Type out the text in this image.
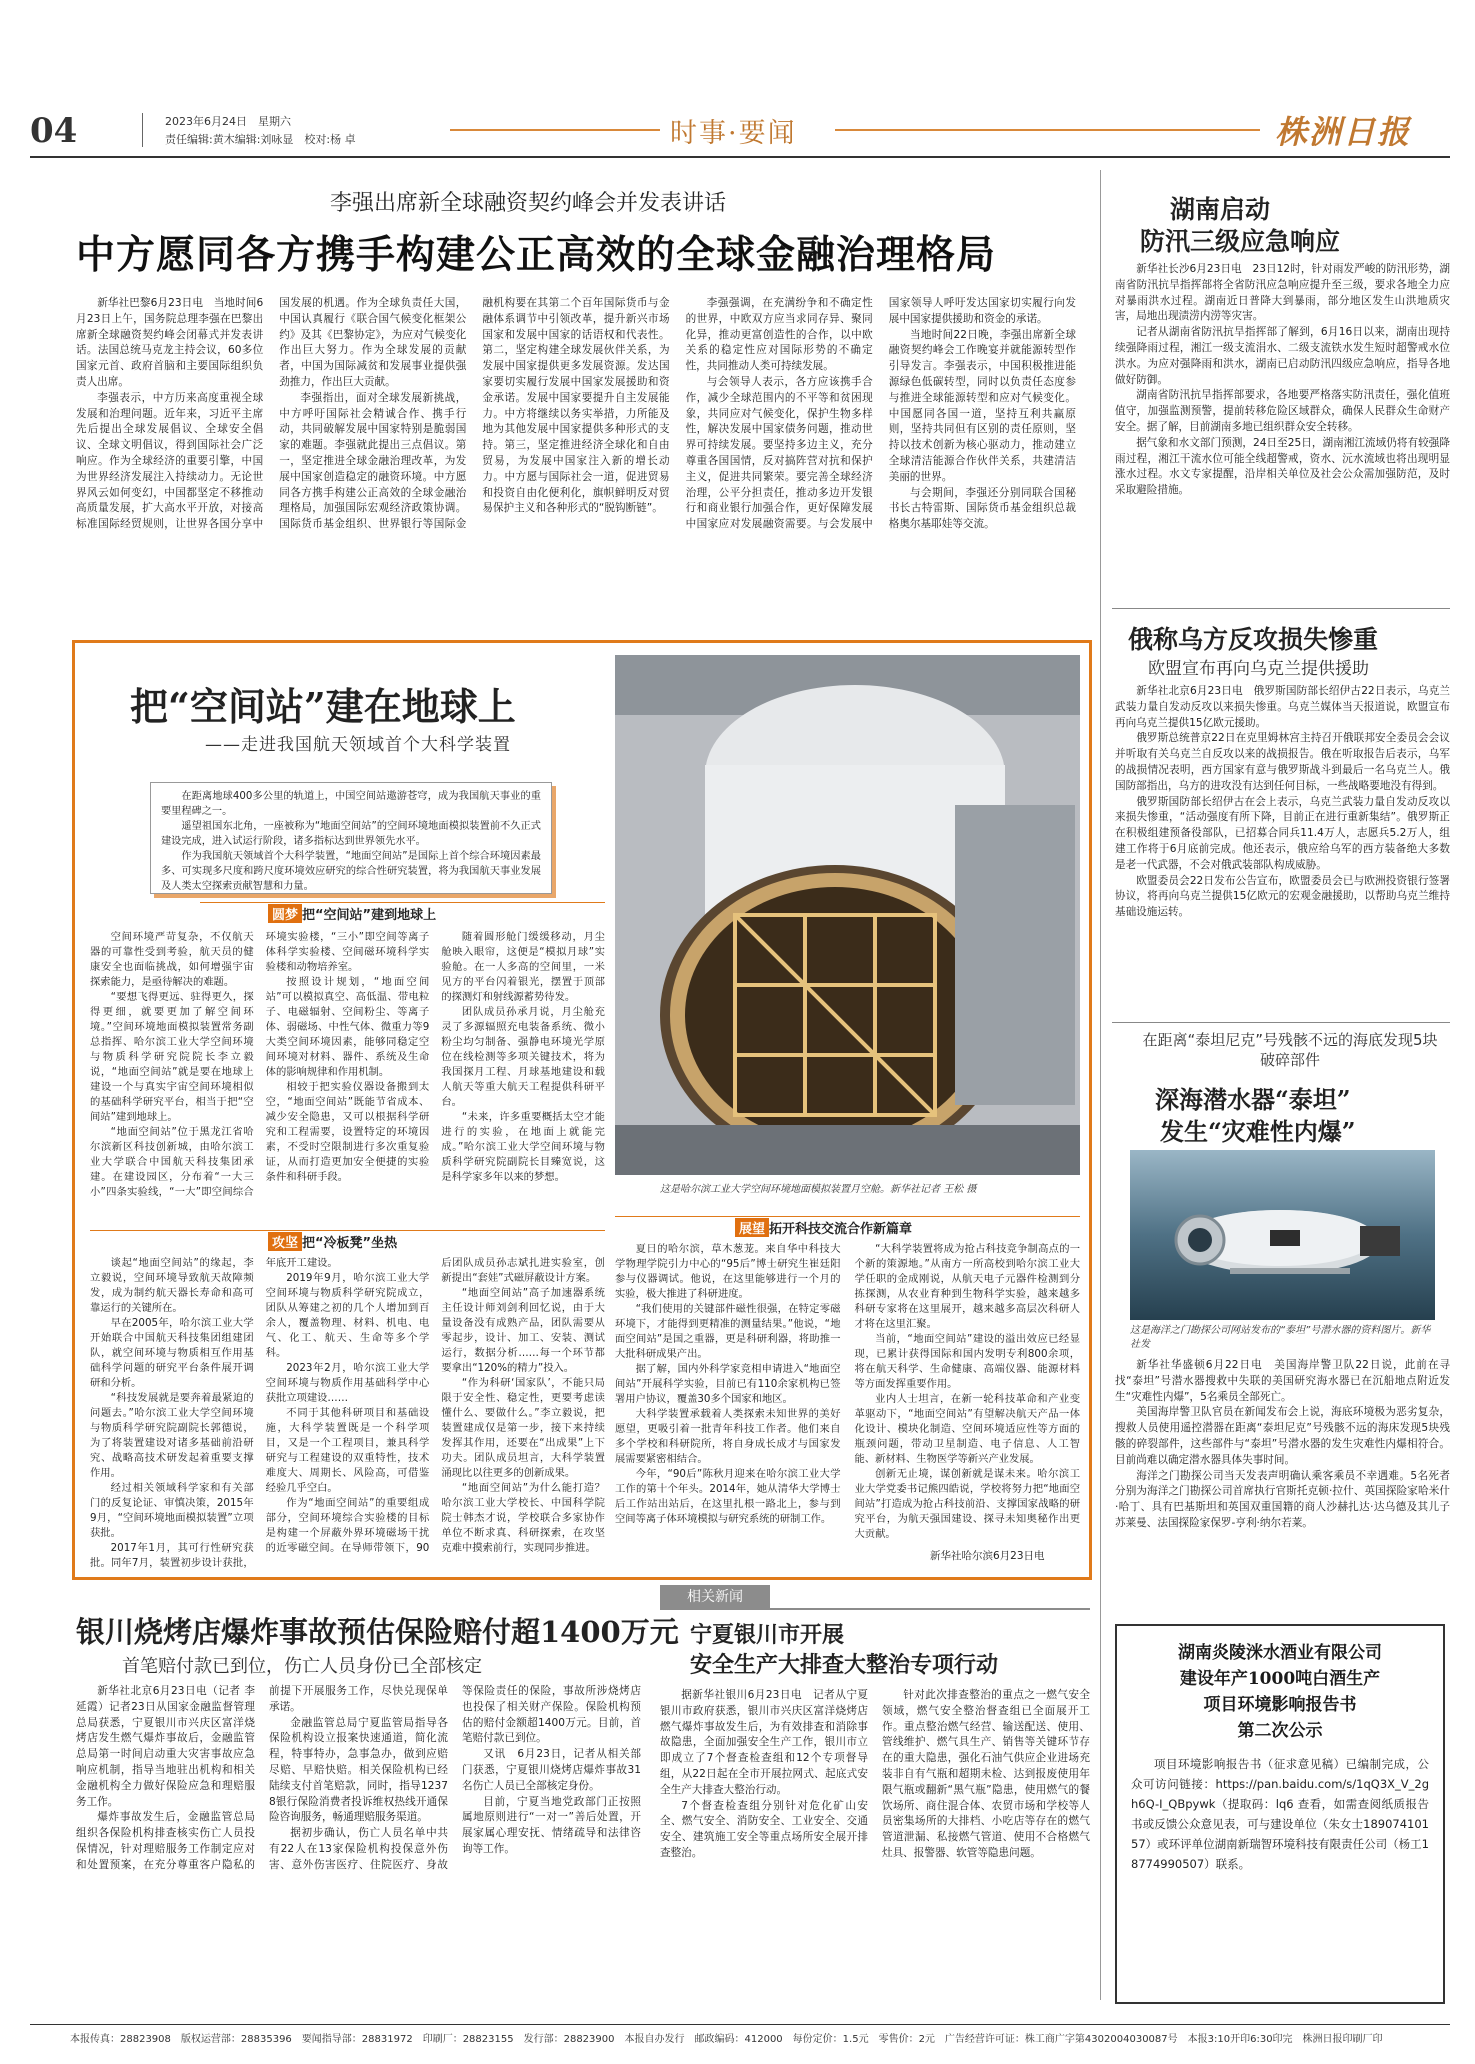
04	2023年6月24日　星期六
责任编辑:黄木编辑:刘咏显　校对:杨 卓	时事·要闻	株洲日报
李强出席新全球融资契约峰会并发表讲话
中方愿同各方携手构建公正高效的全球金融治理格局

新华社巴黎6月23日电　当地时间6月23日上午，国务院总理李强在巴黎出席新全球融资契约峰会闭幕式并发表讲话。法国总统马克龙主持会议，60多位国家元首、政府首脑和主要国际组织负责人出席。

李强表示，中方历来高度重视全球发展和治理问题。近年来，习近平主席先后提出全球发展倡议、全球安全倡议、全球文明倡议，得到国际社会广泛响应。作为全球经济的重要引擎，中国为世界经济发展注入持续动力。无论世界风云如何变幻，中国都坚定不移推动高质量发展，扩大高水平开放，对接高标准国际经贸规则，让世界各国分享中国发展的机遇。作为全球负责任大国，中国认真履行《联合国气候变化框架公约》及其《巴黎协定》，为应对气候变化作出巨大努力。作为全球发展的贡献者，中国为国际减贫和发展事业提供强劲推力，作出巨大贡献。

李强指出，面对全球发展新挑战，中方呼吁国际社会精诚合作、携手行动，共同破解发展中国家特别是脆弱国家的难题。李强就此提出三点倡议。第一，坚定推进全球金融治理改革，为发展中国家创造稳定的融资环境。中方愿同各方携手构建公正高效的全球金融治理格局，加强国际宏观经济政策协调。国际货币基金组织、世界银行等国际金融机构要在其第二个百年国际货币与金融体系调节中引领改革，提升新兴市场国家和发展中国家的话语权和代表性。第二，坚定构建全球发展伙伴关系，为发展中国家提供更多发展资源。发达国家要切实履行发展中国家发展援助和资金承诺。发展中国家要提升自主发展能力。中方将继续以务实举措，力所能及地为其他发展中国家提供多种形式的支持。第三，坚定推进经济全球化和自由贸易，为发展中国家注入新的增长动力。中方愿与国际社会一道，促进贸易和投资自由化便利化，旗帜鲜明反对贸易保护主义和各种形式的“脱钩断链”。

李强强调，在充满纷争和不确定性的世界，中欧双方应当求同存异、聚同化异，推动更富创造性的合作，以中欧关系的稳定性应对国际形势的不确定性，共同推动人类可持续发展。

与会领导人表示，各方应该携手合作，减少全球范围内的不平等和贫困现象，共同应对气候变化，保护生物多样性，解决发展中国家债务问题，推动世界可持续发展。要坚持多边主义，充分尊重各国国情，反对搞阵营对抗和保护主义，促进共同繁荣。要完善全球经济治理，公平分担责任，推动多边开发银行和商业银行加强合作，更好保障发展中国家应对发展融资需要。与会发展中国家领导人呼吁发达国家切实履行向发展中国家提供援助和资金的承诺。

当地时间22日晚，李强出席新全球融资契约峰会工作晚宴并就能源转型作引导发言。李强表示，中国积极推进能源绿色低碳转型，同时以负责任态度参与推进全球能源转型和应对气候变化。中国愿同各国一道，坚持互利共赢原则，坚持共同但有区别的责任原则，坚持以技术创新为核心驱动力，推动建立全球清洁能源合作伙伴关系，共建清洁美丽的世界。

与会期间，李强还分别同联合国秘书长古特雷斯、国际货币基金组织总裁格奥尔基耶娃等交流。

湖南启动
防汛三级应急响应

新华社长沙6月23日电　23日12时，针对雨发严峻的防汛形势，湖南省防汛抗旱指挥部将全省防汛应急响应提升至三级，要求各地全力应对暴雨洪水过程。湖南近日普降大到暴雨，部分地区发生山洪地质灾害，局地出现渍涝内涝等灾害。

记者从湖南省防汛抗旱指挥部了解到，6月16日以来，湖南出现持续强降雨过程，湘江一级支流涓水、二级支流铁水发生短时超警戒水位洪水。为应对强降雨和洪水，湖南已启动防汛四级应急响应，指导各地做好防御。

湖南省防汛抗旱指挥部要求，各地要严格落实防汛责任，强化值班值守，加强监测预警，提前转移危险区域群众，确保人民群众生命财产安全。据了解，目前湖南多地已组织群众安全转移。

据气象和水文部门预测，24日至25日，湖南湘江流域仍将有较强降雨过程，湘江干流水位可能全线超警戒，资水、沅水流域也将出现明显涨水过程。水文专家提醒，沿岸相关单位及社会公众需加强防范，及时采取避险措施。

俄称乌方反攻损失惨重
欧盟宣布再向乌克兰提供援助

新华社北京6月23日电　俄罗斯国防部长绍伊古22日表示，乌克兰武装力量自发动反攻以来损失惨重。乌克兰媒体当天报道说，欧盟宣布再向乌克兰提供15亿欧元援助。

俄罗斯总统普京22日在克里姆林宫主持召开俄联邦安全委员会会议并听取有关乌克兰自反攻以来的战损报告。俄在听取报告后表示，乌军的战损情况表明，西方国家有意与俄罗斯战斗到最后一名乌克兰人。俄国防部指出，乌方的进攻没有达到任何目标，一些战略要地没有得到。

俄罗斯国防部长绍伊古在会上表示，乌克兰武装力量自发动反攻以来损失惨重，“活动强度有所下降，目前正在进行重新集结”。俄罗斯正在积极组建预备役部队，已招募合同兵11.4万人，志愿兵5.2万人，组建工作将于6月底前完成。他还表示，俄应给乌军的西方装备绝大多数是老一代武器，不会对俄武装部队构成威胁。

欧盟委员会22日发布公告宣布，欧盟委员会已与欧洲投资银行签署协议，将再向乌克兰提供15亿欧元的宏观金融援助，以帮助乌克兰维持基础设施运转。

在距离“泰坦尼克”号残骸不远的海底发现5块破碎部件
深海潜水器“泰坦”
发生“灾难性内爆”
这是海洋之门勘探公司网站发布的“泰坦”号潜水器的资料图片。新华社发

新华社华盛顿6月22日电　美国海岸警卫队22日说，此前在寻找“泰坦”号潜水器搜救中失联的美国研究海水器已在沉船地点附近发生“灾难性内爆”，5名乘员全部死亡。

美国海岸警卫队官员在新闻发布会上说，海底环境极为恶劣复杂，搜救人员使用遥控潜器在距离“泰坦尼克”号残骸不远的海床发现5块残骸的碎裂部件，这些部件与“泰坦”号潜水器的发生灾难性内爆相符合。目前尚难以确定潜水器具体失事时间。

海洋之门勘探公司当天发表声明确认乘客乘员不幸遇难。5名死者分别为海洋之门勘探公司首席执行官斯托克顿·拉什、英国探险家哈米什·哈丁、具有巴基斯坦和英国双重国籍的商人沙赫扎达·达乌德及其儿子苏莱曼、法国探险家保罗-亨利·纳尔若莱。

湖南炎陵洣水酒业有限公司
建设年产1000吨白酒生产
项目环境影响报告书
第二次公示
项目环境影响报告书（征求意见稿）已编制完成，公众可访问链接：https://pan.baidu.com/s/1qQ3X_V_2gh6Q-I_QBpywk（提取码：lq6 查看，如需查阅纸质报告书或反馈公众意见表，可与建设单位（朱女士18907410157）或环评单位湖南新瑞智环境科技有限责任公司（杨工18774990507）联系。
把“空间站”建在地球上
——走进我国航天领域首个大科学装置

在距离地球400多公里的轨道上，中国空间站遨游苍穹，成为我国航天事业的重要里程碑之一。

遥望祖国东北角，一座被称为“地面空间站”的空间环境地面模拟装置前不久正式建设完成，进入试运行阶段，诸多指标达到世界领先水平。

作为我国航天领域首个大科学装置，“地面空间站”是国际上首个综合环境因素最多、可实现多尺度和跨尺度环境效应研究的综合性研究装置，将为我国航天事业发展及人类太空探索贡献智慧和力量。

这是哈尔滨工业大学空间环境地面模拟装置月空舱。新华社记者 王松 摄
圆梦 把“空间站”建到地球上

空间环境严苛复杂，不仅航天器的可靠性受到考验，航天员的健康安全也面临挑战，如何增强宇宙探索能力，是亟待解决的难题。

“要想飞得更远、驻得更久，探得更细，就要更加了解空间环境。”空间环境地面模拟装置常务副总指挥、哈尔滨工业大学空间环境与物质科学研究院院长李立毅说，“地面空间站”就是要在地球上建设一个与真实宇宙空间环境相似的基础科学研究平台，相当于把“空间站”建到地球上。

“地面空间站”位于黑龙江省哈尔滨新区科技创新城，由哈尔滨工业大学联合中国航天科技集团承建。在建设园区，分布着“一大三小”四条实验线，“一大”即空间综合环境实验楼，“三小”即空间等离子体科学实验楼、空间磁环境科学实验楼和动物培养室。

按照设计规划，“地面空间站”可以模拟真空、高低温、带电粒子、电磁辐射、空间粉尘、等离子体、弱磁场、中性气体、微重力等9大类空间环境因素，能够同稳定空间环境对材料、器件、系统及生命体的影响规律和作用机制。

相较于把实验仪器设备搬到太空，“地面空间站”既能节省成本、减少安全隐患，又可以根据科学研究和工程需要，设置特定的环境因素，不受时空限制进行多次重复验证，从而打造更加安全便捷的实验条件和科研手段。

随着圆形舱门缓缓移动，月尘舱映入眼帘，这便是“模拟月球”实验舱。在一人多高的空间里，一米见方的平台闪着银光，摆置于顶部的探测灯和射线源蓄势待发。

团队成员孙承月说，月尘舱充灵了多源辐照充电装备系统、微小粉尘均匀制备、强静电环境光学原位在线检测等多项关键技术，将为我国探月工程、月球基地建设和载人航天等重大航天工程提供科研平台。

“未来，许多重要概括太空才能进行的实验，在地面上就能完成。”哈尔滨工业大学空间环境与物质科学研究院副院长目臻宽说，这是科学家多年以来的梦想。

攻坚 把“冷板凳”坐热

谈起“地面空间站”的缘起，李立毅说，空间环境导致航天故障频发，成为制约航天器长寿命和高可靠运行的关键所在。

早在2005年，哈尔滨工业大学开始联合中国航天科技集团组建团队，就空间环境与物质相互作用基础科学问题的研究平台条件展开调研和分析。

“科技发展就是要奔着最紧迫的问题去。”哈尔滨工业大学空间环境与物质科学研究院副院长郭德说，为了将装置建设对诸多基础前沿研究、战略高技术研发起着重要支撑作用。

经过相关领域科学家和有关部门的反复论证、审慎决策，2015年9月，“空间环境地面模拟装置”立项获批。

2017年1月，其可行性研究获批。同年7月，装置初步设计获批，年底开工建设。

2019年9月，哈尔滨工业大学空间环境与物质科学研究院成立，团队从筹建之初的几个人增加到百余人，覆盖物理、材料、机电、电气、化工、航天、生命等多个学科。

2023年2月，哈尔滨工业大学空间环境与物质作用基础科学中心获批立项建设……

不同于其他科研项目和基础设施，大科学装置既是一个科学项目，又是一个工程项目，兼具科学研究与工程建设的双重特性，技术难度大、周期长、风险高，可借鉴经验几乎空白。

作为“地面空间站”的重要组成部分，空间环境综合实验楼的目标是构建一个屏蔽外界环境磁场干扰的近零磁空间。在导师带领下，90后团队成员孙志斌扎进实验室，创新提出“套娃”式磁屏蔽设计方案。

“地面空间站”高子加速器系统主任设计师刘剑利回忆说，由于大量设备没有成熟产品，团队需要从零起步，设计、加工、安装、测试运行，数据分析……每一个环节都要拿出“120%的精力”投入。

“作为科研‘国家队’，不能只局限于安全性、稳定性，更要考虑读懂什么、要做什么。”李立毅说，把装置建成仅是第一步，接下来持续发挥其作用，还要在“出成果”上下功夫。团队成员坦言，大科学装置涌现比以往更多的创新成果。

“地面空间站”为什么能打造？哈尔滨工业大学校长、中国科学院院士韩杰才说，学校联合多家协作单位不断求真、科研探索，在攻坚克难中摸索前行，实现同步推进。

展望 拓开科技交流合作新篇章

夏日的哈尔滨，草木葱茏。来自华中科技大学物理学院引力中心的“95后”博士研究生崔廷阳参与仪器调试。他说，在这里能够进行一个月的实验，极大推进了科研进度。

“我们使用的关键部件磁性很强，在特定零磁环境下，才能得到更精准的测量结果。”他说，“地面空间站”是国之重器，更是科研利器，将助推一大批科研成果产出。

据了解，国内外科学家竞相申请进入“地面空间站”开展科学实验，目前已有110余家机构已签署用户协议，覆盖30多个国家和地区。

大科学装置承载着人类探索未知世界的美好愿望，更吸引着一批青年科技工作者。他们来自多个学校和科研院所，将自身成长成才与国家发展需要紧密相结合。

今年，“90后”陈秋月迎来在哈尔滨工业大学工作的第十个年头。2014年，她从清华大学博士后工作站出站后，在这里扎根一路北上，参与到空间等离子体环境模拟与研究系统的研制工作。

“大科学装置将成为抢占科技竞争制高点的一个新的策源地。”从南方一所高校到哈尔滨工业大学任职的金成刚说，从航天电子元器件检测到分拣探测，从农业育种到生物科学实验，越来越多科研专家将在这里展开，越来越多高层次科研人才将在这里汇聚。

当前，“地面空间站”建设的溢出效应已经显现，已累计获得国际和国内发明专利800余项，将在航天科学、生命健康、高端仪器、能源材料等方面发挥重要作用。

业内人士坦言，在新一轮科技革命和产业变革驱动下，“地面空间站”有望解决航天产品一体化设计、模块化制造、空间环境适应性等方面的瓶颈问题，带动卫星制造、电子信息、人工智能、新材料、生物医学等新兴产业发展。

创新无止境，谋创新就是谋未来。哈尔滨工业大学党委书记熊四皓说，学校将努力把“地面空间站”打造成为抢占科技前沿、支撑国家战略的研究平台，为航天强国建设、探寻未知奥秘作出更大贡献。

新华社哈尔滨6月23日电
银川烧烤店爆炸事故预估保险赔付超1400万元
首笔赔付款已到位，伤亡人员身份已全部核定

新华社北京6月23日电（记者 李延霞）记者23日从国家金融监督管理总局获悉，宁夏银川市兴庆区富洋烧烤店发生燃气爆炸事故后，金融监管总局第一时间启动重大灾害事故应急响应机制，指导当地驻出机构和相关金融机构全力做好保险应急和理赔服务工作。

爆炸事故发生后，金融监管总局组织各保险机构排查核实伤亡人员投保情况，针对理赔服务工作制定应对和处置预案，在充分尊重客户隐私的前提下开展服务工作，尽快兑现保单承诺。

金融监管总局宁夏监管局指导各保险机构设立报案快速通道，简化流程，特事特办，急事急办，做到应赔尽赔、早赔快赔。相关保险机构已经陆续支付首笔赔款，同时，指导12378银行保险消费者投诉维权热线开通保险咨询服务，畅通理赔服务渠道。

据初步确认，伤亡人员名单中共有22人在13家保险机构投保意外伤害、意外伤害医疗、住院医疗、身故等保险责任的保险，事故所涉烧烤店也投保了相关财产保险。保险机构预估的赔付金额超1400万元。目前，首笔赔付款已到位。

又讯　6月23日，记者从相关部门获悉，宁夏银川烧烤店爆炸事故31名伤亡人员已全部核定身份。

目前，宁夏当地党政部门正按照属地原则进行“一对一”善后处置，开展家属心理安抚、情绪疏导和法律咨询等工作。

相关新闻
宁夏银川市开展
安全生产大排查大整治专项行动

据新华社银川6月23日电　记者从宁夏银川市政府获悉，银川市兴庆区富洋烧烤店燃气爆炸事故发生后，为有效排查和消除事故隐患，全面加强安全生产工作，银川市立即成立了7个督查检查组和12个专项督导组，从22日起在全市开展拉网式、起底式安全生产大排查大整治行动。

7个督查检查组分别针对危化矿山安全、燃气安全、消防安全、工业安全、交通安全、建筑施工安全等重点场所安全展开排查整治。

针对此次排查整治的重点之一燃气安全领域，燃气安全整治督查组已全面展开工作。重点整治燃气经营、输送配送、使用、管线维护、燃气具生产、销售等关键环节存在的重大隐患，强化石油气供应企业进场充装非自有气瓶和超期未检、达到报废使用年限气瓶或翻新“黑气瓶”隐患，使用燃气的餐饮场所、商住混合体、农贸市场和学校等人员密集场所的大排档、小吃店等存在的燃气管道泄漏、私接燃气管道、使用不合格燃气灶具、报警器、软管等隐患问题。

本报传真：28823908　版权运营部：28835396　要闻指导部：28831972　印刷厂：28823155　发行部：28823900　本报自办发行　邮政编码：412000　每份定价：1.5元　零售价：2元　广告经营许可证：株工商广字第4302004030087号　本报3:10开印6:30印完　株洲日报印刷厂印
